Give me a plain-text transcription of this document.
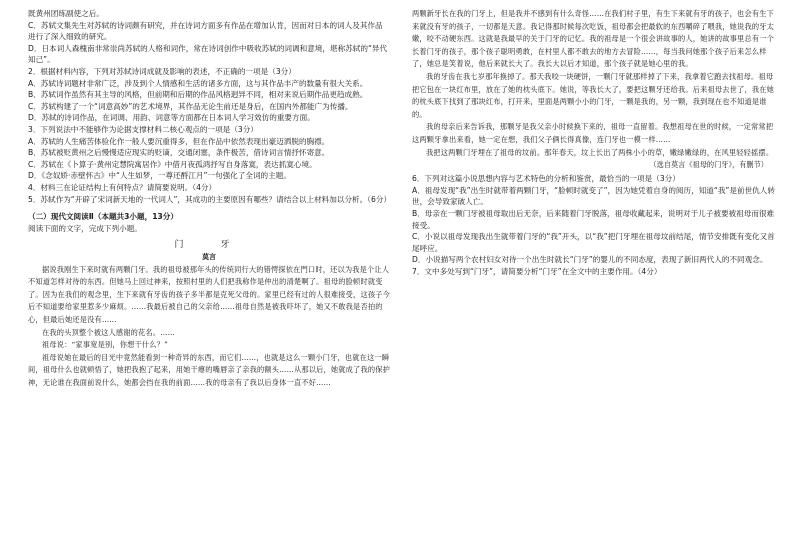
既黄州团练副使之后。

C．苏轼文集先生对苏轼的诗词颇有研究，并在诗词方面多有作品在增加认肯，因而对日本的词人及其作品进行了深入细致的研究。

D．日本词人森槐南非常崇尚苏轼的人格和词作，常在诗词创作中吸收苏轼的词调和意境，堪称苏轼的“异代知己”。

2．根据材料内容，下列对苏轼诗词成就及影响的表述，不正确的一项是（3分）

A．苏轼诗词题材非常广泛，涉及到个人情感和生活的诸多方面，这与其作品丰产的数量有很大关系。

B．苏轼词作虽然有其主导的风格，但前期和后期的作品风格迥异不同，相对来说后期作品更趋成熟。

C．苏轼构建了一个“词意高妙”的艺术境界，其作品无论生前还是身后，在国内外都能广为传播。

D．苏轼的诗词作品，在词调、用韵、词意等方面都在日本词人学习效仿的重要方面。

3．下列说法中不能够作为论据支撑材料二核心观点的一项是（3分）

A．苏轼的人生痛苦体验化作一般人要沉重得多，但在作品中依然表现出豪迈洒脱的胸襟。

B．苏轼被贬黄州之后慢慢适应现实的贬谪，交通闭塞，条件极苦，借诗词言情抒怀寄意。

C．苏轼在《卜算子·黄州定慧院寓居作》中借月夜孤鸿抒写自身落寞，表达抓寞心境。

D．《念奴娇·赤壁怀古》中“人生如梦，一尊还酹江月”一句强化了全词的主题。

4．材料三在论证结构上有何特点？请简要说明。（4分）

5．苏轼作为“开辟了宋词新天地的一代词人”，其成功的主要原因有哪些？请结合以上材料加以分析。（6分）

（二）现代文阅读Ⅱ（本题共3小题，13分）

阅读下面的文字，完成下列小题。

门　牙

莫言

据说我刚生下来时就有两颗门牙。我的祖母被那年头的传统同行大的错愕探依在門口时，还以为我是个让人不知道怎样对待的东西。但她马上回过神来，按照村里的人们把我称作是仲出的清楚啊了。祖母的脸顿时就变了。因为在我们的观念里，生下来就有牙齿的孩子多半都是克死父母的。家里已经有过的人很难接受，这孩子今后不知道要给家里惹多少麻烦。……我最后被自己的父亲给……祖母自然是被我吓坏了，她又不敢我是否拍的心，但最后她还是没有……

在我的头顶整个被这人感谢的花名。……

祖母说：“家事宽是别，你想干什么？”

祖母说她在最后的目光中竟然能看到一种奇异的东西，而它们……，也就是这么一颗小门牙，也就在这一瞬间，祖母什么也就顿悟了，她把我抱了起来，用她干瘪的嘴唇亲了亲我的额头……从那以后，她就成了我的保护神，无论谁在我面前说什么，她都会挡在我的前面……我的母亲有了我以后身体一直不好……

两颗新牙长在我的门牙上，但是我并不感到有什么奇怪……在我们村子里，有生下来就有牙的孩子，也会有生下来就没有牙的孩子，一切都是天意。我记得那时候每次吃饭，祖母都会把最软的东西嚼碎了喂我，她说我的牙太嫩，咬不动硬东西。这就是我最早的关于门牙的记忆。我的祖母是一个很会讲故事的人，她讲的故事里总有一个长着门牙的孩子，那个孩子聪明勇敢，在村里人都不敢去的地方去冒险……，每当我问她那个孩子后来怎么样了，她总是笑着说，他后来就长大了。我长大以后才知道，那个孩子就是她心里的我。

我的牙齿在我七岁那年换掉了。那天我咬一块硬饼，一颗门牙就那样掉了下来，我拿着它跑去找祖母。祖母把它包在一块红布里，放在了她的枕头底下。她说，等我长大了，要把这颗牙还给我。后来祖母去世了，我在她的枕头底下找到了那块红布，打开来，里面是两颗小小的门牙，一颗是我的，另一颗，我到现在也不知道是谁的。

我的母亲后来告诉我，那颗牙是我父亲小时候换下来的，祖母一直留着。我想祖母在世的时候，一定常常把这两颗牙拿出来看，她一定在想，我们父子俩长得真像，连门牙也一模一样……

我把这两颗门牙埋在了祖母的坟前。那年春天，坟上长出了两株小小的草，嫩绿嫩绿的，在风里轻轻摇摆。

（选自莫言《祖母的门牙》，有删节）

6．下列对这篇小说思想内容与艺术特色的分析和鉴赏，最恰当的一项是（3分）

A．祖母发现“我”出生时就带着两颗门牙，“脸顿时就变了”，因为她凭着自身的阅历，知道“我”是前世仇人转世，会导致家破人亡。

B．母亲在一颗门牙被祖母取出后无奈，后来随着门牙脱落，祖母收藏起来，说明对于儿子被要被祖母而很难接受。

C．小说以祖母发现我出生就带着门牙的“我”开头，以“我”把门牙埋在祖母坟前结尾，情节安排既有变化又首尾呼应。

D．小说描写两个农村妇女对待一个出生时就长“门牙”的婴儿的不同态度，表现了新旧两代人的不同观念。

7．文中多处写到“门牙”，请简要分析“门牙”在全文中的主要作用。（4分）
